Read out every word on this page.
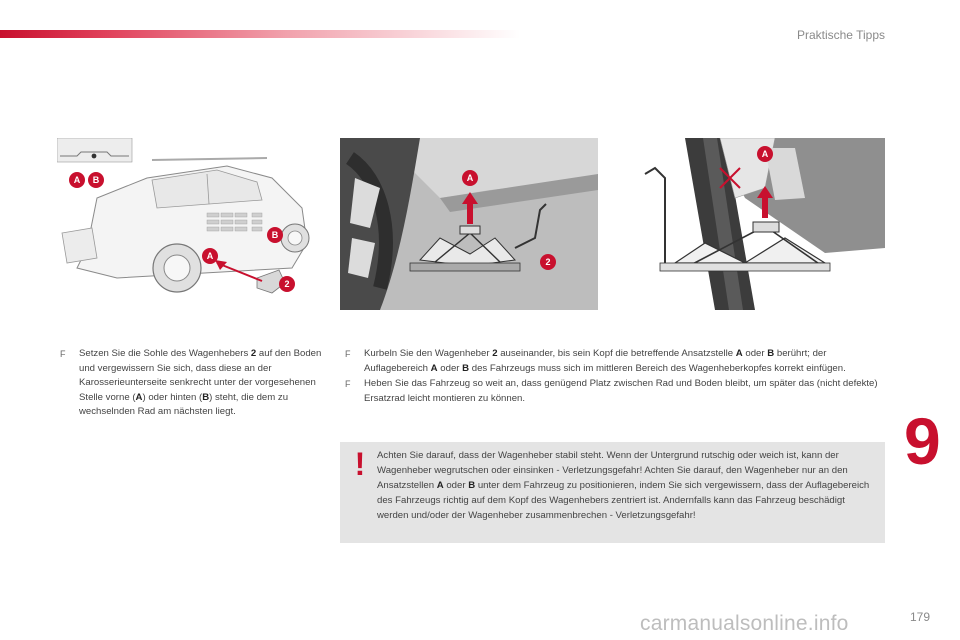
Praktische Tipps
A B
A
B
2
A
2
A

F Setzen Sie die Sohle des Wagenhebers 2 auf den Boden und vergewissern Sie sich, dass diese an der Karosserieunterseite senkrecht unter der vorgesehenen Stelle vorne (A) oder hinten (B) steht, die dem zu wechselnden Rad am nächsten liegt.

F Kurbeln Sie den Wagenheber 2 auseinander, bis sein Kopf die betreffende Ansatzstelle A oder B berührt; der Auflagebereich A oder B des Fahrzeugs muss sich im mittleren Bereich des Wagenheberkopfes korrekt einfügen.

F Heben Sie das Fahrzeug so weit an, dass genügend Platz zwischen Rad und Boden bleibt, um später das (nicht defekte) Ersatzrad leicht montieren zu können.

!	Achten Sie darauf, dass der Wagenheber stabil steht. Wenn der Untergrund rutschig oder weich ist, kann der Wagenheber wegrutschen oder einsinken - Verletzungsgefahr! Achten Sie darauf, den Wagenheber nur an den Ansatzstellen A oder B unter dem Fahrzeug zu positionieren, indem Sie sich vergewissern, dass der Auflagebereich des Fahrzeugs richtig auf dem Kopf des Wagenhebers zentriert ist. Andernfalls kann das Fahrzeug beschädigt werden und/oder der Wagenheber zusammenbrechen - Verletzungsgefahr!
9
179
carmanualsonline.info
